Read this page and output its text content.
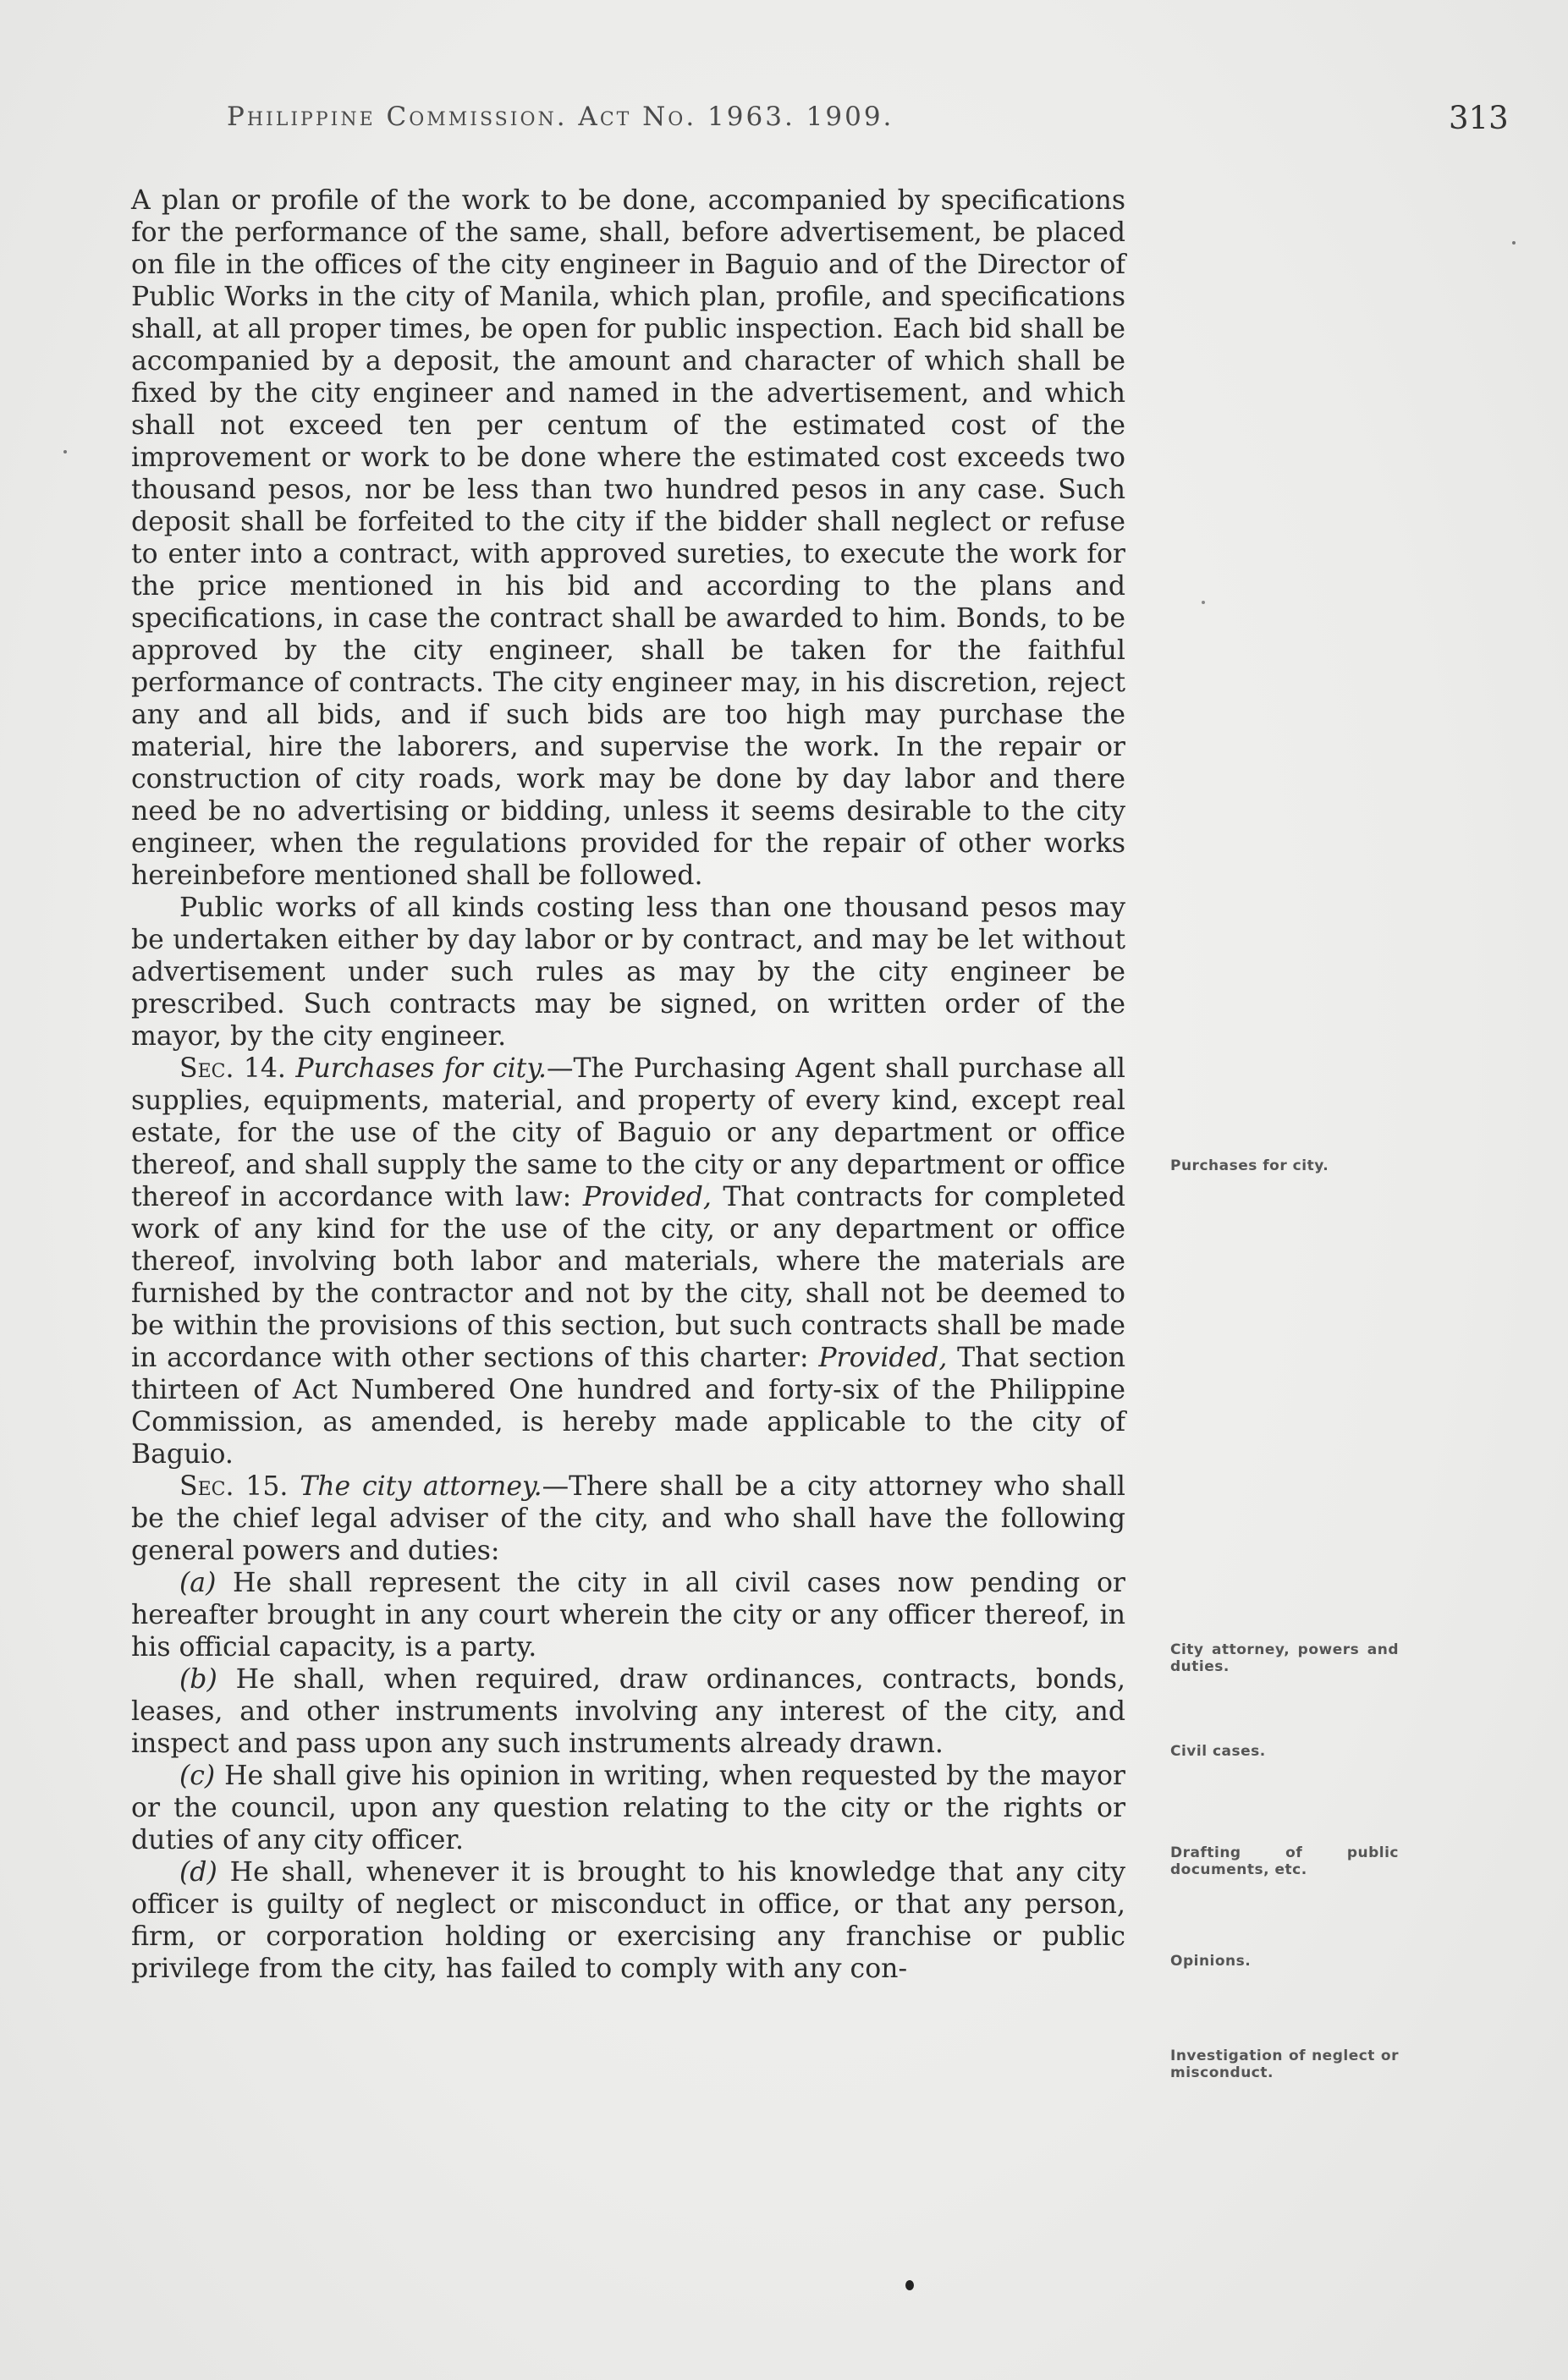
Philippine Commission. Act No. 1963. 1909.	313

A plan or profile of the work to be done, accompanied by specifications for the performance of the same, shall, before advertisement, be placed on file in the offices of the city engineer in Baguio and of the Director of Public Works in the city of Manila, which plan, profile, and specifications shall, at all proper times, be open for public inspection. Each bid shall be accompanied by a deposit, the amount and character of which shall be fixed by the city engineer and named in the advertisement, and which shall not exceed ten per centum of the estimated cost of the improvement or work to be done where the estimated cost exceeds two thousand pesos, nor be less than two hundred pesos in any case. Such deposit shall be forfeited to the city if the bidder shall neglect or refuse to enter into a contract, with approved sureties, to execute the work for the price mentioned in his bid and according to the plans and specifications, in case the contract shall be awarded to him. Bonds, to be approved by the city engineer, shall be taken for the faithful performance of contracts. The city engineer may, in his discretion, reject any and all bids, and if such bids are too high may purchase the material, hire the laborers, and supervise the work. In the repair or construction of city roads, work may be done by day labor and there need be no advertising or bidding, unless it seems desirable to the city engineer, when the regulations provided for the repair of other works hereinbefore mentioned shall be followed.

Public works of all kinds costing less than one thousand pesos may be undertaken either by day labor or by contract, and may be let without advertisement under such rules as may by the city engineer be prescribed. Such contracts may be signed, on written order of the mayor, by the city engineer.

Sec. 14. Purchases for city.—The Purchasing Agent shall purchase all supplies, equipments, material, and property of every kind, except real estate, for the use of the city of Baguio or any department or office thereof, and shall supply the same to the city or any department or office thereof in accordance with law: Provided, That contracts for completed work of any kind for the use of the city, or any department or office thereof, involving both labor and materials, where the materials are furnished by the contractor and not by the city, shall not be deemed to be within the provisions of this section, but such contracts shall be made in accordance with other sections of this charter: Provided, That section thirteen of Act Numbered One hundred and forty-six of the Philippine Commission, as amended, is hereby made applicable to the city of Baguio.

Sec. 15. The city attorney.—There shall be a city attorney who shall be the chief legal adviser of the city, and who shall have the following general powers and duties:

(a) He shall represent the city in all civil cases now pending or hereafter brought in any court wherein the city or any officer thereof, in his official capacity, is a party.

(b) He shall, when required, draw ordinances, contracts, bonds, leases, and other instruments involving any interest of the city, and inspect and pass upon any such instruments already drawn.

(c) He shall give his opinion in writing, when requested by the mayor or the council, upon any question relating to the city or the rights or duties of any city officer.

(d) He shall, whenever it is brought to his knowledge that any city officer is guilty of neglect or misconduct in office, or that any person, firm, or corporation holding or exercising any franchise or public privilege from the city, has failed to comply with any con-

Purchases for city.
City attorney, powers and duties.
Civil cases.
Drafting of public documents, etc.
Opinions.
Investigation of neglect or misconduct.
